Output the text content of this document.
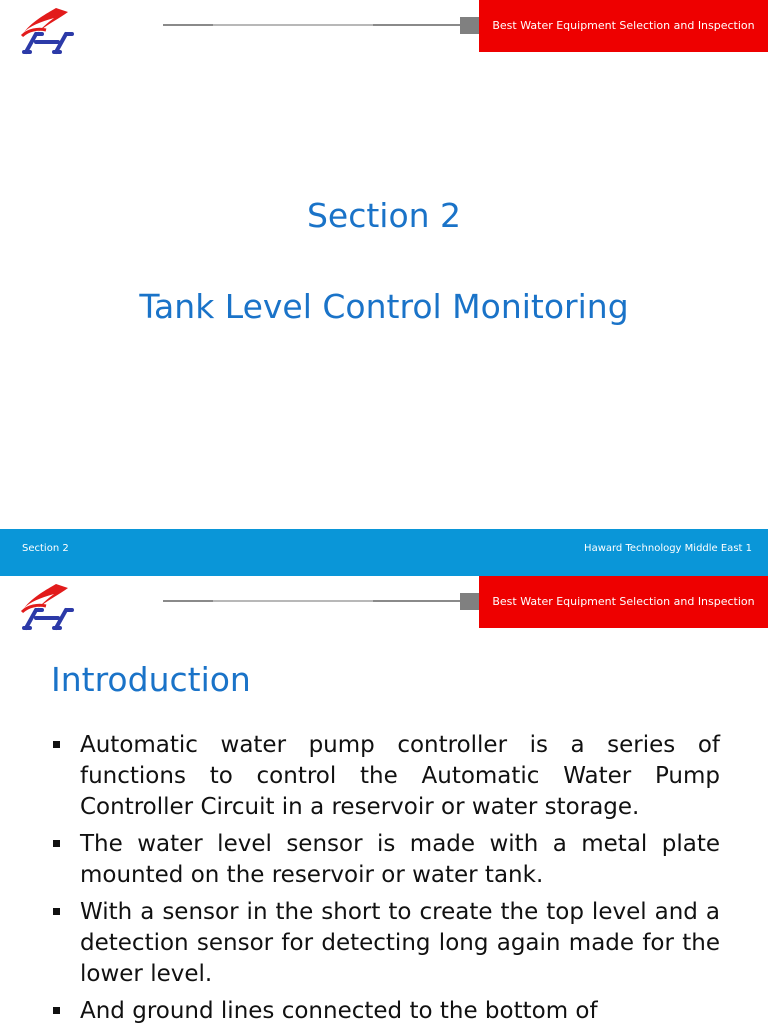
Best Water Equipment Selection and Inspection
Section 2
Tank Level Control Monitoring
Section 2	Haward Technology Middle East 1
Best Water Equipment Selection and Inspection
Introduction
Automatic water pump controller is a series of functions to control the Automatic Water Pump Controller Circuit in a reservoir or water storage.
The water level sensor is made with a metal plate mounted on the reservoir or water tank.
With a sensor in the short to create the top level and a detection sensor for detecting long again made for the lower level.
And ground lines connected to the bottom of
